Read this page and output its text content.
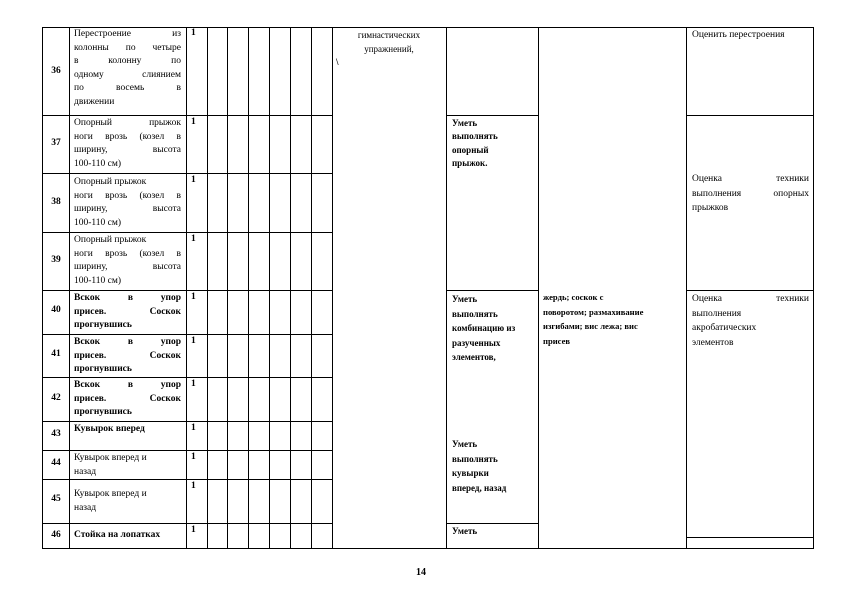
36
37
38
39
40
41
42
43
44
45
46
Перестроение из
колонны по четыре
в колонну по
одному слиянием
по восемь в
движении
Опорный прыжок
ноги врозь (козел в
ширину, высота
100-110 см)
Опорный прыжок
ноги врозь (козел в
ширину, высота
100-110 см)
Опорный прыжок
ноги врозь (козел в
ширину, высота
100-110 см)
Вскок в упор
присев. Соскок
прогнувшись
Вскок в упор
присев. Соскок
прогнувшись
Вскок в упор
присев. Соскок
прогнувшись
Кувырок вперед
Кувырок вперед и
назад
Кувырок вперед и
назад
Стойка на лопатках
1
1
1
1
1
1
1
1
1
1
1
гимнастических
упражнений,
\
Уметь
выполнять
опорный
прыжок.
Уметь
выполнять
комбинацию из
разученных
элементов,
Уметь
выполнять
кувырки
вперед, назад
Уметь
жердь; соскок с
поворотом; размахивание
изгибами; вис лежа; вис
присев
Оценить перестроения
Оценка техники
выполнения опорных
прыжков
Оценка техники
выполнения
акробатических
элементов
14
